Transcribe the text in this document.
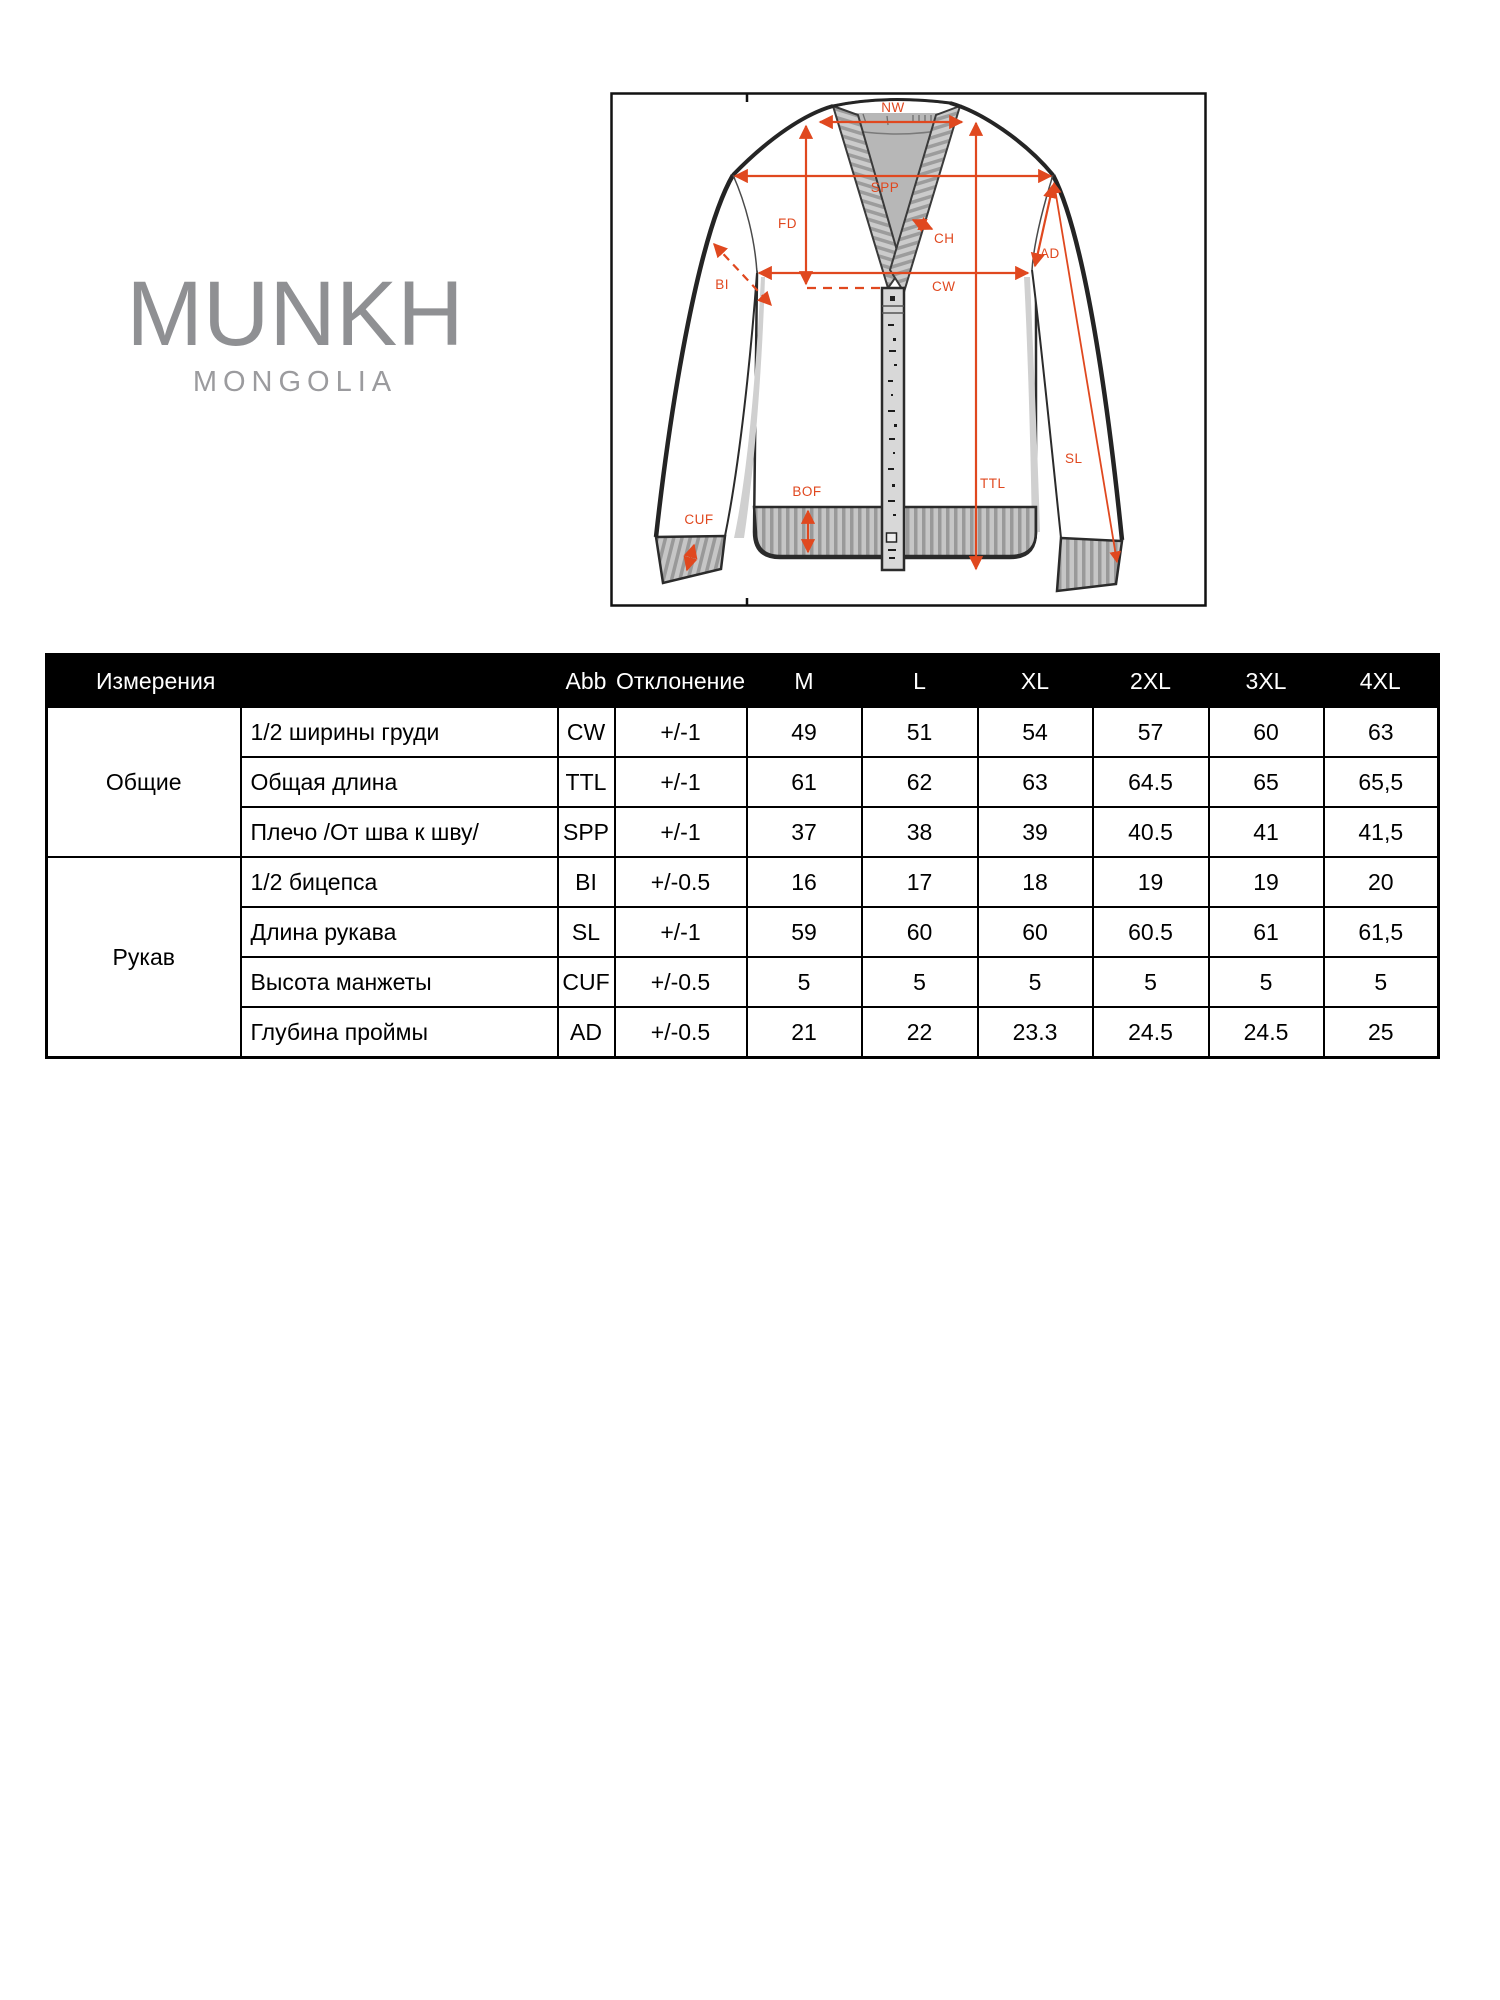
MUNKH
MONGOLIA
NW
SPP
FD
CH
CW
BI
AD
TTL
SL
BOF
CUF
Измерения		Abb	Отклонение	M	L	XL	2XL	3XL	4XL
Общие	1/2 ширины груди	CW	+/-1	49	51	54	57	60	63
	Общая длина	TTL	+/-1	61	62	63	64.5	65	65,5
	Плечо /От шва к шву/	SPP	+/-1	37	38	39	40.5	41	41,5
Рукав	1/2 бицепса	BI	+/-0.5	16	17	18	19	19	20
	Длина рукава	SL	+/-1	59	60	60	60.5	61	61,5
	Высота манжеты	CUF	+/-0.5	5	5	5	5	5	5
	Глубина проймы	AD	+/-0.5	21	22	23.3	24.5	24.5	25
